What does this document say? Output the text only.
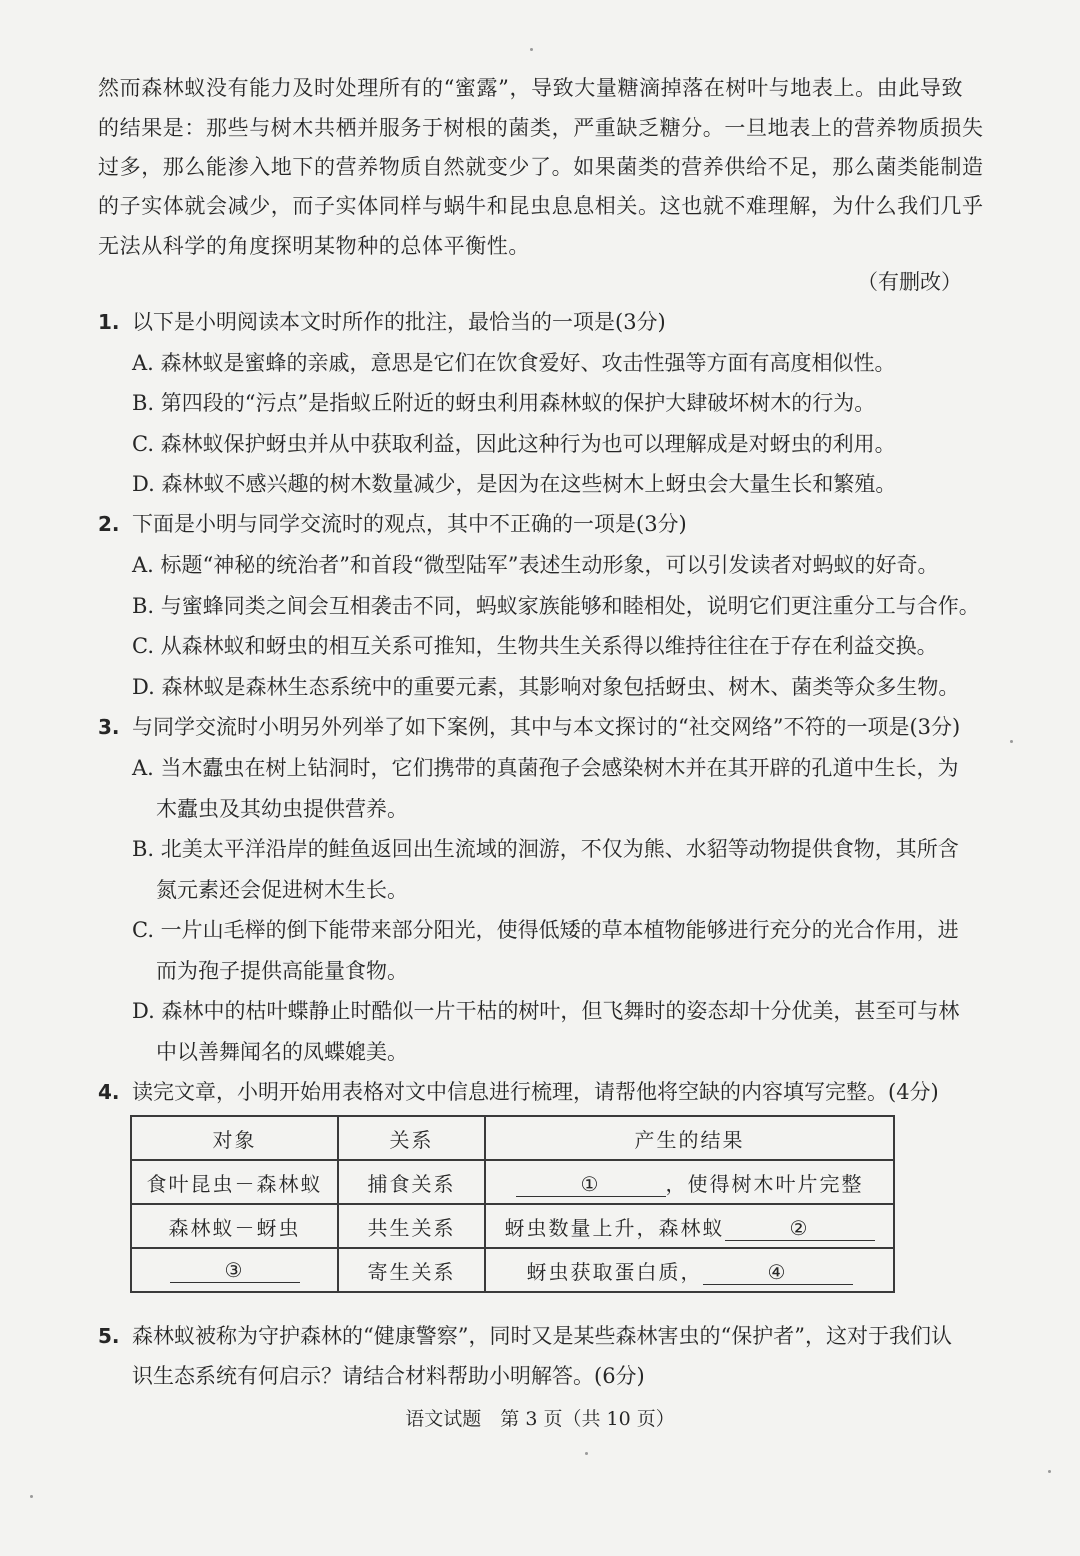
然而森林蚁没有能力及时处理所有的“蜜露”，导致大量糖滴掉落在树叶与地表上。由此导致
的结果是：那些与树木共栖并服务于树根的菌类，严重缺乏糖分。一旦地表上的营养物质损失
过多，那么能渗入地下的营养物质自然就变少了。如果菌类的营养供给不足，那么菌类能制造
的子实体就会减少，而子实体同样与蜗牛和昆虫息息相关。这也就不难理解，为什么我们几乎
无法从科学的角度探明某物种的总体平衡性。
（有删改）
1. 以下是小明阅读本文时所作的批注，最恰当的一项是(3分)
A. 森林蚁是蜜蜂的亲戚，意思是它们在饮食爱好、攻击性强等方面有高度相似性。
B. 第四段的“污点”是指蚁丘附近的蚜虫利用森林蚁的保护大肆破坏树木的行为。
C. 森林蚁保护蚜虫并从中获取利益，因此这种行为也可以理解成是对蚜虫的利用。
D. 森林蚁不感兴趣的树木数量减少，是因为在这些树木上蚜虫会大量生长和繁殖。
2. 下面是小明与同学交流时的观点，其中不正确的一项是(3分)
A. 标题“神秘的统治者”和首段“微型陆军”表述生动形象，可以引发读者对蚂蚁的好奇。
B. 与蜜蜂同类之间会互相袭击不同，蚂蚁家族能够和睦相处，说明它们更注重分工与合作。
C. 从森林蚁和蚜虫的相互关系可推知，生物共生关系得以维持往往在于存在利益交换。
D. 森林蚁是森林生态系统中的重要元素，其影响对象包括蚜虫、树木、菌类等众多生物。
3. 与同学交流时小明另外列举了如下案例，其中与本文探讨的“社交网络”不符的一项是(3分)
A. 当木蠹虫在树上钻洞时，它们携带的真菌孢子会感染树木并在其开辟的孔道中生长，为
木蠹虫及其幼虫提供营养。
B. 北美太平洋沿岸的鲑鱼返回出生流域的洄游，不仅为熊、水貂等动物提供食物，其所含
氮元素还会促进树木生长。
C. 一片山毛榉的倒下能带来部分阳光，使得低矮的草本植物能够进行充分的光合作用，进
而为孢子提供高能量食物。
D. 森林中的枯叶蝶静止时酷似一片干枯的树叶，但飞舞时的姿态却十分优美，甚至可与林
中以善舞闻名的凤蝶媲美。
4. 读完文章，小明开始用表格对文中信息进行梳理，请帮他将空缺的内容填写完整。(4分)
对象	关系	产生的结果
食叶昆虫－森林蚁	捕食关系	① ，使得树木叶片完整
森林蚁－蚜虫	共生关系	蚜虫数量上升，森林蚁 ②
③	寄生关系	蚜虫获取蛋白质， ④
5. 森林蚁被称为守护森林的“健康警察”，同时又是某些森林害虫的“保护者”，这对于我们认
识生态系统有何启示？请结合材料帮助小明解答。(6分)
语文试题　第 3 页（共 10 页）
